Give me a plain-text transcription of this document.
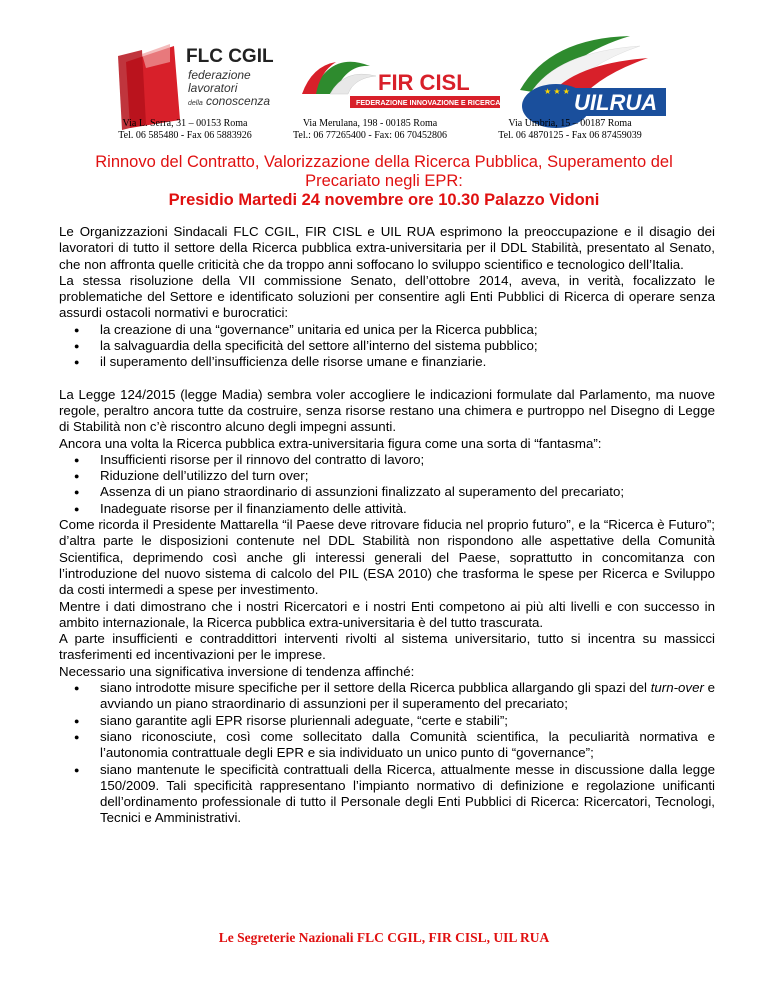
FLC CGIL
federazione
lavoratori
della conoscenza
FIR CISL
FEDERAZIONE INNOVAZIONE E RICERCA
★ ★ ★ UILRUA
Via L. Serra, 31 – 00153 Roma
Tel. 06 585480 - Fax 06 5883926
Via Merulana, 198 - 00185 Roma
Tel.: 06 77265400 - Fax: 06 70452806
Via Umbria, 15 – 00187 Roma
Tel. 06 4870125 - Fax 06 87459039
Rinnovo del Contratto, Valorizzazione della Ricerca Pubblica, Superamento del
Precariato negli EPR:
Presidio Martedi 24 novembre ore 10.30 Palazzo Vidoni

Le Organizzazioni Sindacali FLC CGIL, FIR CISL e UIL RUA esprimono la preoccupazione e il disagio dei lavoratori di tutto il settore della Ricerca pubblica extra-universitaria per il DDL Stabilità, presentato al Senato, che non affronta quelle criticità che da troppo anni soffocano lo sviluppo scientifico e tecnologico dell’Italia.

La stessa risoluzione della VII commissione Senato, dell’ottobre 2014, aveva, in verità, focalizzato le problematiche del Settore e identificato soluzioni per consentire agli Enti Pubblici di Ricerca di operare senza assurdi ostacoli normativi e burocratici:

● la creazione di una “governance” unitaria ed unica per la Ricerca pubblica;
● la salvaguardia della specificità del settore all’interno del sistema pubblico;
● il superamento dell’insufficienza delle risorse umane e finanziarie.

La Legge 124/2015 (legge Madia) sembra voler accogliere le indicazioni formulate dal Parlamento, ma nuove regole, peraltro ancora tutte da costruire, senza risorse restano una chimera e purtroppo nel Disegno di Legge di Stabilità non c’è riscontro alcuno degli impegni assunti.

Ancora una volta la Ricerca pubblica extra-universitaria figura come una sorta di “fantasma”:

● Insufficienti risorse per il rinnovo del contratto di lavoro;
● Riduzione dell’utilizzo del turn over;
● Assenza di un piano straordinario di assunzioni finalizzato al superamento del precariato;
● Inadeguate risorse per il finanziamento delle attività.

Come ricorda il Presidente Mattarella “il Paese deve ritrovare fiducia nel proprio futuro”, e la “Ricerca è Futuro”; d’altra parte le disposizioni contenute nel DDL Stabilità non rispondono alle aspettative della Comunità Scientifica, deprimendo così anche gli interessi generali del Paese, soprattutto in concomitanza con l’introduzione del nuovo sistema di calcolo del PIL (ESA 2010) che trasforma le spese per Ricerca e Sviluppo da costi intermedi a spese per investimento.

Mentre i dati dimostrano che i nostri Ricercatori e i nostri Enti competono ai più alti livelli e con successo in ambito internazionale, la Ricerca pubblica extra-universitaria è del tutto trascurata.

A parte insufficienti e contraddittori interventi rivolti al sistema universitario, tutto si incentra su massicci trasferimenti ed incentivazioni per le imprese.

Necessario una significativa inversione di tendenza affinché:

● siano introdotte misure specifiche per il settore della Ricerca pubblica allargando gli spazi del turn-over e avviando un piano straordinario di assunzioni per il superamento del precariato;
● siano garantite agli EPR risorse pluriennali adeguate, “certe e stabili”;
● siano riconosciute, così come sollecitato dalla Comunità scientifica, la peculiarità normativa e l’autonomia contrattuale degli EPR e sia individuato un unico punto di “governance”;
● siano mantenute le specificità contrattuali della Ricerca, attualmente messe in discussione dalla legge 150/2009. Tali specificità rappresentano l’impianto normativo di definizione e regolazione unificanti dell’ordinamento professionale di tutto il Personale degli Enti Pubblici di Ricerca: Ricercatori, Tecnologi, Tecnici e Amministrativi.
Le Segreterie Nazionali FLC CGIL, FIR CISL, UIL RUA
